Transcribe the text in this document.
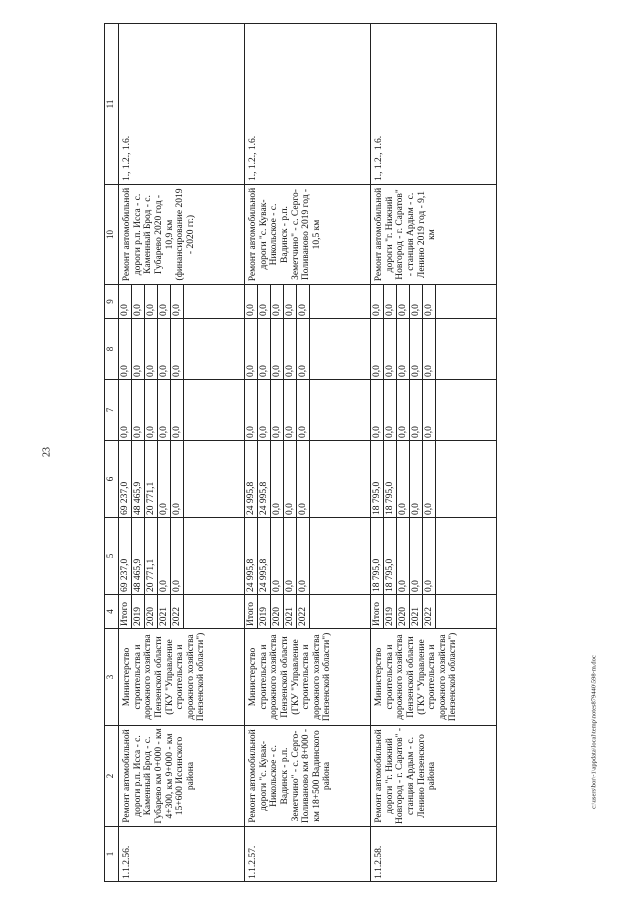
23
c:\users\bor\-1\appdata\local\temp\notes879440\598-m.doc
1	2	3	4	5	6	7	8	9	10	11
1.1.2.56.	Ремонт автомобильной дороги р.п. Исса - с. Каменный Брод - с. Губарево км 0+000 - км 4+300, км 9+000 - км 15+600 Иссинского района	Министерство строительства и дорожного хозяйства Пензенской области (ГКУ "Управление строительства и дорожного хозяйства Пензенской области")	Итого	69 237,0	69 237,0	0,0	0,0	0,0	Ремонт автомобильной дороги р.п. Исса - с. Каменный Брод - с. Губарево 2020 год - 10,9 км (финансирование 2019 - 2020 гг.)	1., 1.2., 1.6.
			2019	48 465,9	48 465,9	0,0	0,0	0,0		
			2020	20 771,1	20 771,1	0,0	0,0	0,0		
			2021	0,0	0,0	0,0	0,0	0,0		
			2022	0,0	0,0	0,0	0,0	0,0		

1.1.2.57.	Ремонт автомобильной дороги "с. Кувак-Никольское - с. Вадинск - р.п. Земетчино" - с. Серго-Поливаново км 8+000 - км 18+500 Вадинского района	Министерство строительства и дорожного хозяйства Пензенской области (ГКУ "Управление строительства и дорожного хозяйства Пензенской области")	Итого	24 995,8	24 995,8	0,0	0,0	0,0	Ремонт автомобильной дороги "с. Кувак-Никольское - с. Вадинск - р.п. Земетчино" - с. Серго-Поливаново 2019 год - 10,5 км	1., 1.2., 1.6.
			2019	24 995,8	24 995,8	0,0	0,0	0,0		
			2020	0,0	0,0	0,0	0,0	0,0		
			2021	0,0	0,0	0,0	0,0	0,0		
			2022	0,0	0,0	0,0	0,0	0,0		

1.1.2.58.	Ремонт автомобильной дороги "г. Нижний Новгород - г. Саратов" - станция Ардым - с. Ленино Пензенского района	Министерство строительства и дорожного хозяйства Пензенской области (ГКУ "Управление строительства и дорожного хозяйства Пензенской области")	Итого	18 795,0	18 795,0	0,0	0,0	0,0	Ремонт автомобильной дороги "г. Нижний Новгород - г. Саратов" - станция Ардым - с. Ленино 2019 год - 9,1 км	1., 1.2., 1.6.
			2019	18 795,0	18 795,0	0,0	0,0	0,0		
			2020	0,0	0,0	0,0	0,0	0,0		
			2021	0,0	0,0	0,0	0,0	0,0		
			2022	0,0	0,0	0,0	0,0	0,0		
